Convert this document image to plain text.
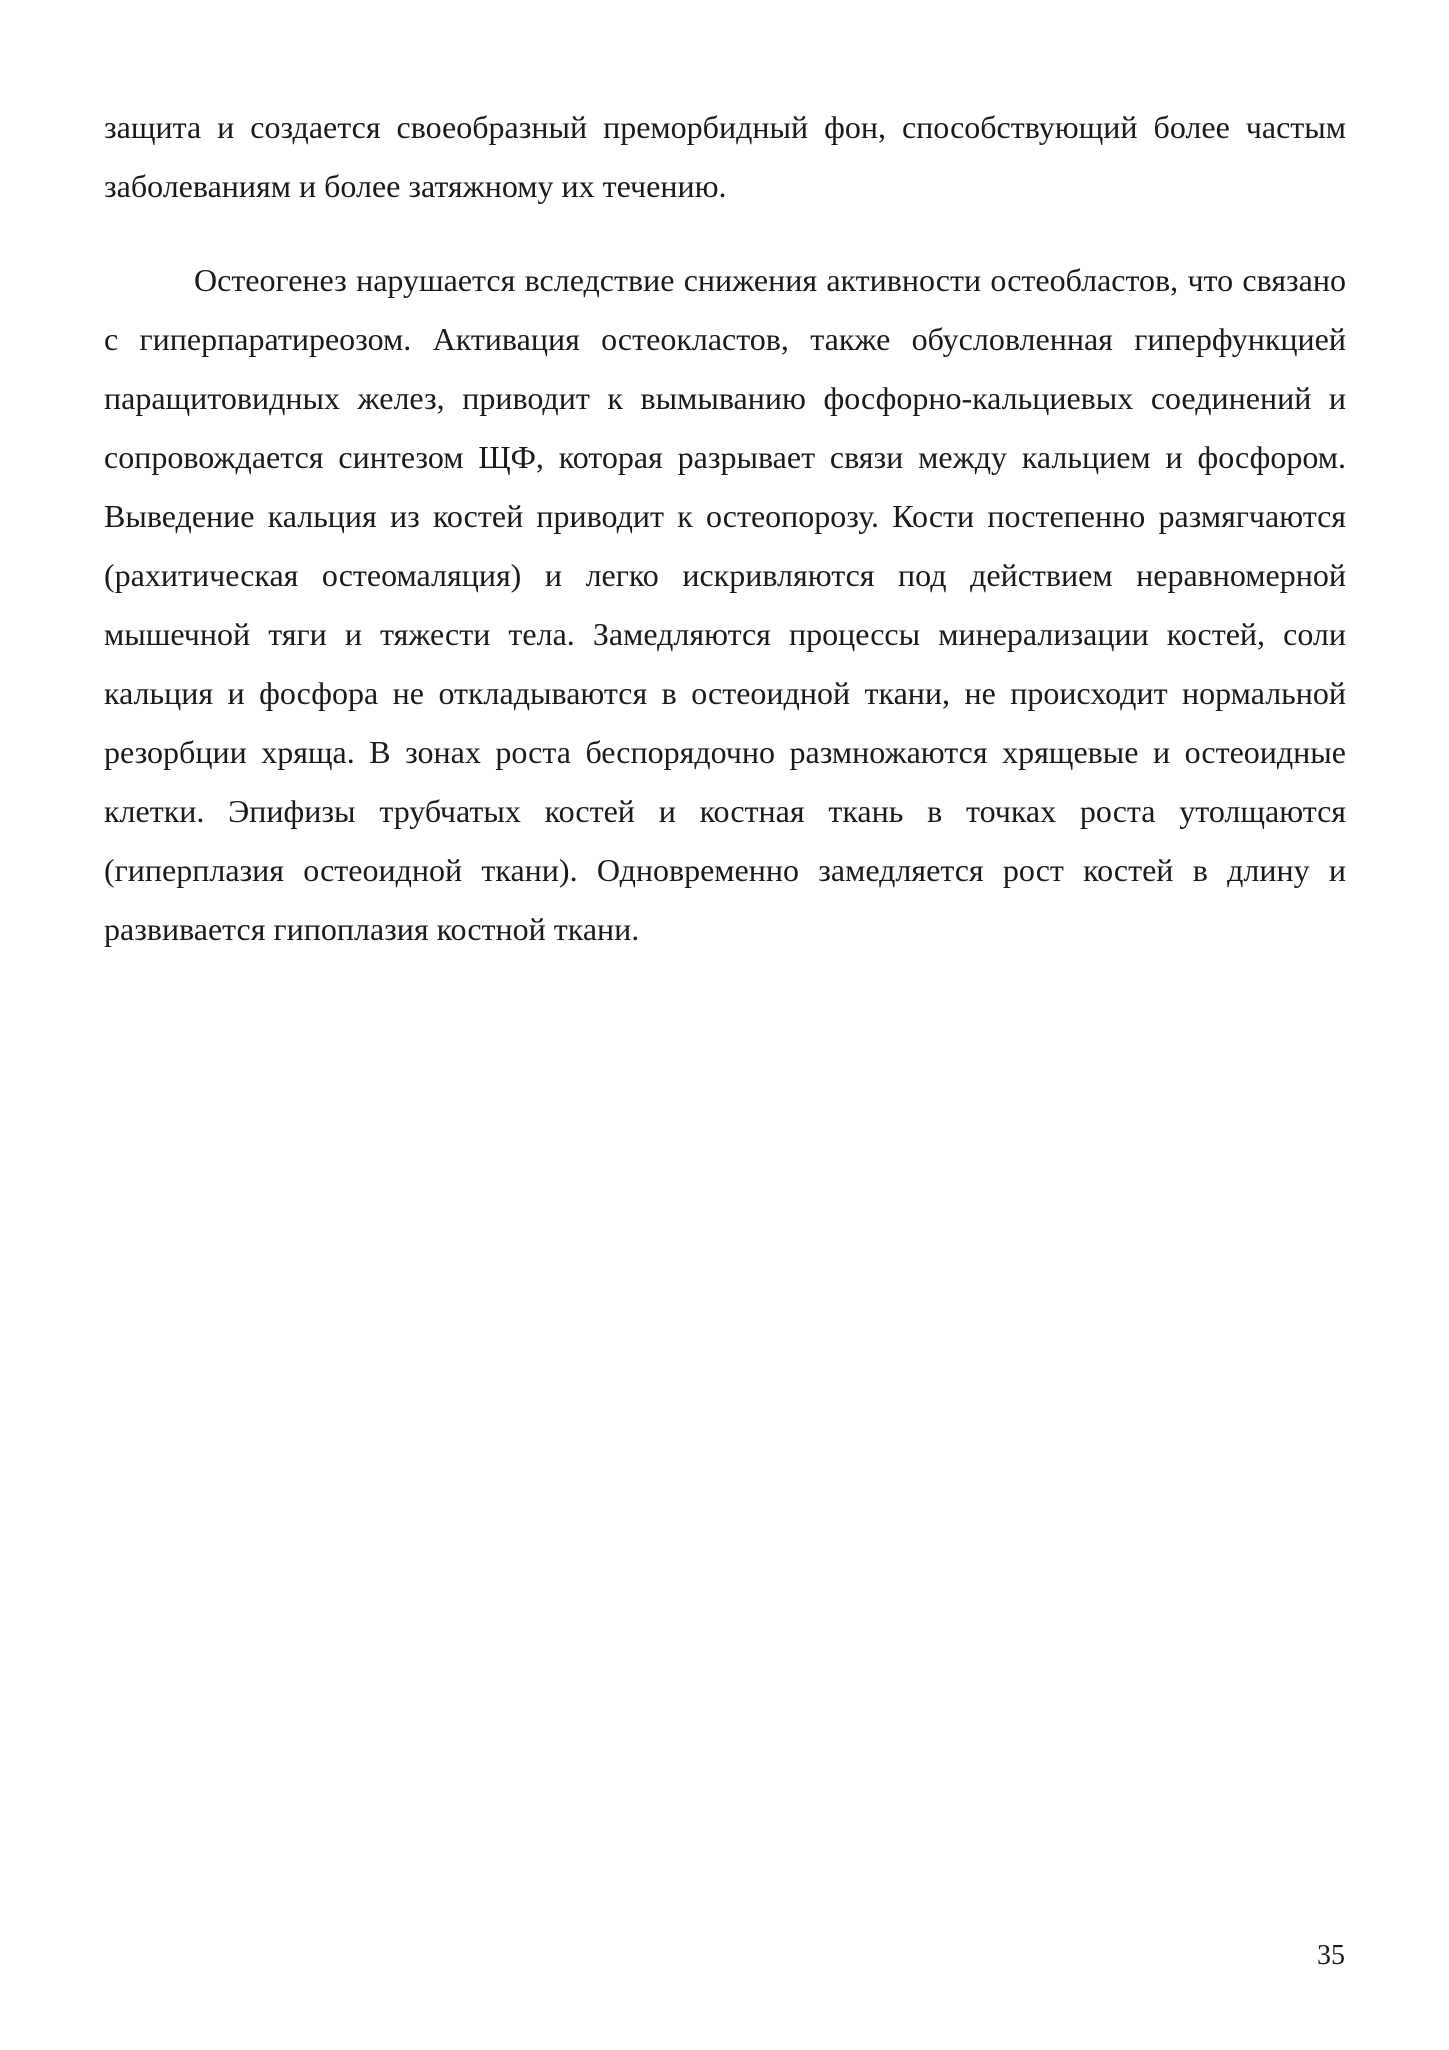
защита и создается своеобразный преморбидный фон, способствующий более частым заболеваниям и более затяжному их течению.

Остеогенез нарушается вследствие снижения активности остеобластов, что связано с гиперпаратиреозом. Активация остеокластов, также обусловленная гиперфункцией паращитовидных желез, приводит к вымыванию фосфорно-кальциевых соединений и сопровождается синтезом ЩФ, которая разрывает связи между кальцием и фосфором. Выведение кальция из костей приводит к остеопорозу. Кости постепенно размягчаются (рахитическая остеомаляция) и легко искривляются под действием неравномерной мышечной тяги и тяжести тела. Замедляются процессы минерализации костей, соли кальция и фосфора не откладываются в остеоидной ткани, не происходит нормальной резорбции хряща. В зонах роста беспорядочно размножаются хрящевые и остеоидные клетки. Эпифизы трубчатых костей и костная ткань в точках роста утолщаются (гиперплазия остеоидной ткани). Одновременно замедляется рост костей в длину и развивается гипоплазия костной ткани.

35
